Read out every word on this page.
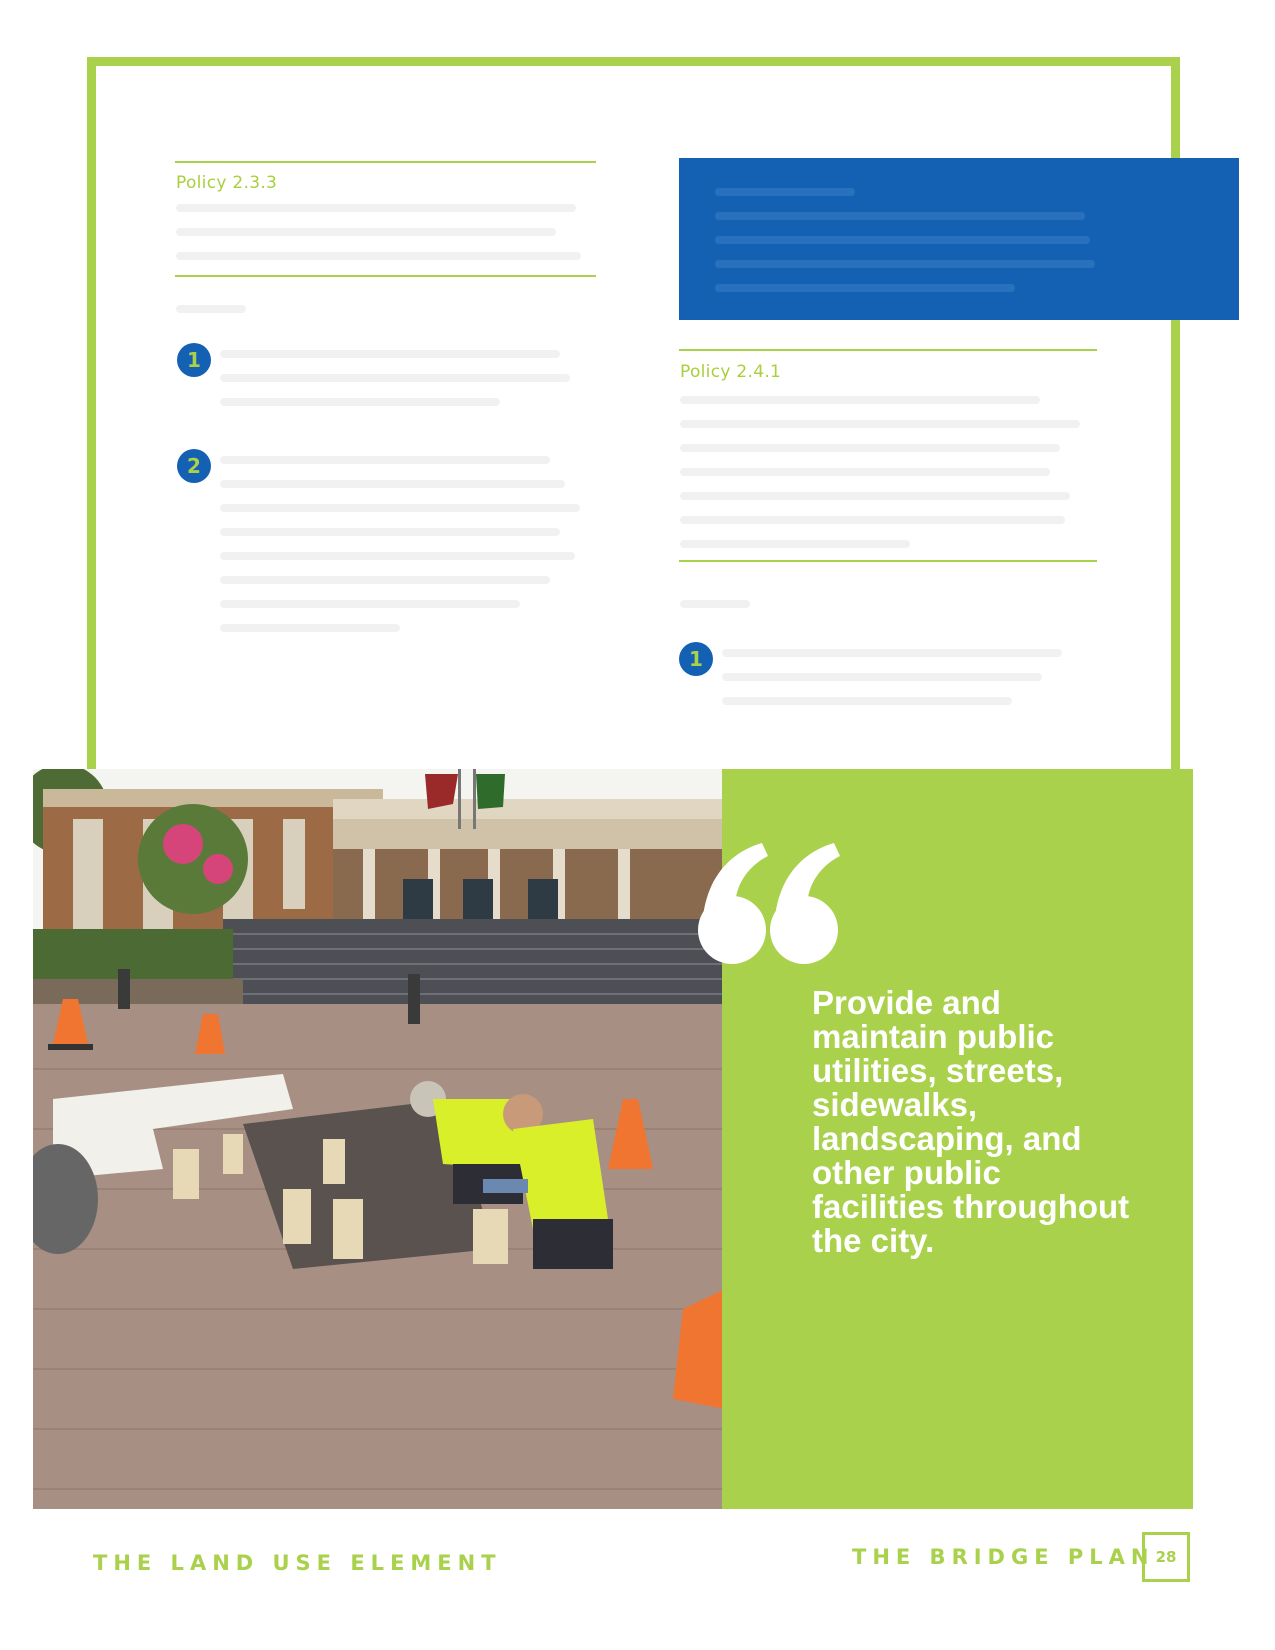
Policy 2.3.3
1
2
Policy 2.4.1
1

Provide and maintain public utilities, streets, sidewalks, landscaping, and other public facilities throughout the city.

THE LAND USE ELEMENT	THE BRIDGE PLAN 28
